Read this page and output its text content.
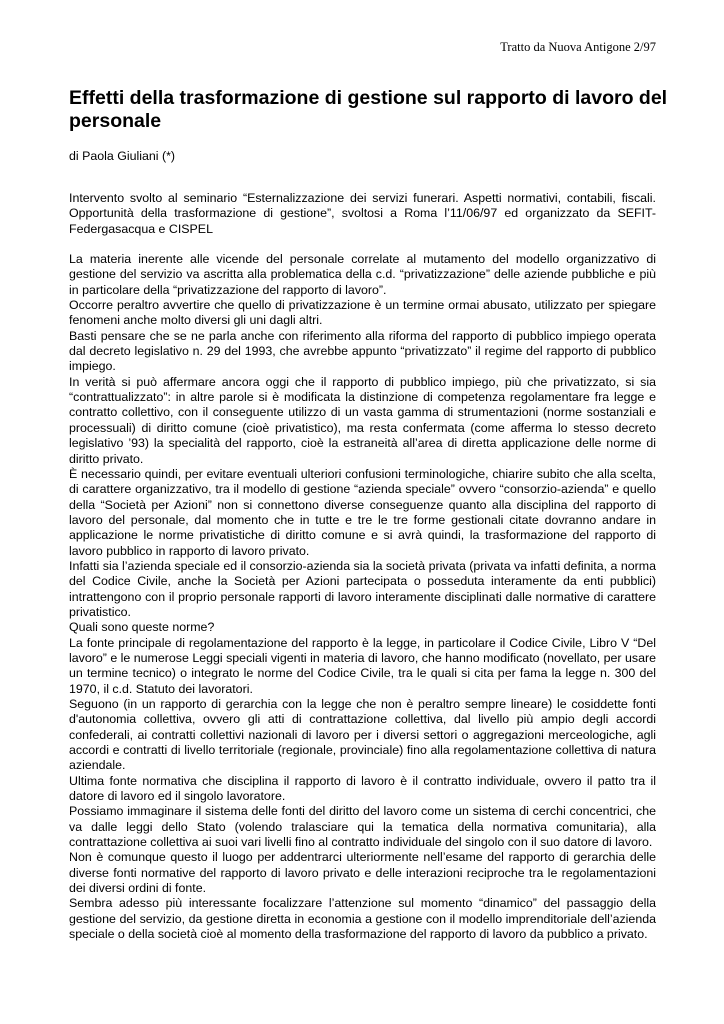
Tratto da Nuova Antigone 2/97
Effetti della trasformazione di gestione sul rapporto di lavoro del personale

di Paola Giuliani (*)

Intervento svolto al seminario “Esternalizzazione dei servizi funerari. Aspetti normativi, contabili, fiscali. Opportunità della trasformazione di gestione”, svoltosi a Roma l’11/06/97 ed organizzato da SEFIT-Federgasacqua e CISPEL

La materia inerente alle vicende del personale correlate al mutamento del modello organizzativo di gestione del servizio va ascritta alla problematica della c.d. “privatizzazione” delle aziende pubbliche e più in particolare della “privatizzazione del rapporto di lavoro”.

Occorre peraltro avvertire che quello di privatizzazione è un termine ormai abusato, utilizzato per spiegare fenomeni anche molto diversi gli uni dagli altri.

Basti pensare che se ne parla anche con riferimento alla riforma del rapporto di pubblico impiego operata dal decreto legislativo n. 29 del 1993, che avrebbe appunto “privatizzato” il regime del rapporto di pubblico impiego.

In verità si può affermare ancora oggi che il rapporto di pubblico impiego, più che privatizzato, si sia “contrattualizzato”: in altre parole si è modificata la distinzione di competenza regolamentare fra legge e contratto collettivo, con il conseguente utilizzo di un vasta gamma di strumentazioni (norme sostanziali e processuali) di diritto comune (cioè privatistico), ma resta confermata (come afferma lo stesso decreto legislativo ’93) la specialità del rapporto, cioè la estraneità all’area di diretta applicazione delle norme di diritto privato.

È necessario quindi, per evitare eventuali ulteriori confusioni terminologiche, chiarire subito che alla scelta, di carattere organizzativo, tra il modello di gestione “azienda speciale” ovvero “consorzio-azienda” e quello della “Società per Azioni” non si connettono diverse conseguenze quanto alla disciplina del rapporto di lavoro del personale, dal momento che in tutte e tre le tre forme gestionali citate dovranno andare in applicazione le norme privatistiche di diritto comune e si avrà quindi, la trasformazione del rapporto di lavoro pubblico in rapporto di lavoro privato.

Infatti sia l’azienda speciale ed il consorzio-azienda sia la società privata (privata va infatti definita, a norma del Codice Civile, anche la Società per Azioni partecipata o posseduta interamente da enti pubblici) intrattengono con il proprio personale rapporti di lavoro interamente disciplinati dalle normative di carattere privatistico.

Quali sono queste norme?

La fonte principale di regolamentazione del rapporto è la legge, in particolare il Codice Civile, Libro V “Del lavoro” e le numerose Leggi speciali vigenti in materia di lavoro, che hanno modificato (novellato, per usare un termine tecnico) o integrato le norme del Codice Civile, tra le quali si cita per fama la legge n. 300 del 1970, il c.d. Statuto dei lavoratori.

Seguono (in un rapporto di gerarchia con la legge che non è peraltro sempre lineare) le cosiddette fonti d'autonomia collettiva, ovvero gli atti di contrattazione collettiva, dal livello più ampio degli accordi confederali, ai contratti collettivi nazionali di lavoro per i diversi settori o aggregazioni merceologiche, agli accordi e contratti di livello territoriale (regionale, provinciale) fino alla regolamentazione collettiva di natura aziendale.

Ultima fonte normativa che disciplina il rapporto di lavoro è il contratto individuale, ovvero il patto tra il datore di lavoro ed il singolo lavoratore.

Possiamo immaginare il sistema delle fonti del diritto del lavoro come un sistema di cerchi concentrici, che va dalle leggi dello Stato (volendo tralasciare qui la tematica della normativa comunitaria), alla contrattazione collettiva ai suoi vari livelli fino al contratto individuale del singolo con il suo datore di lavoro.

Non è comunque questo il luogo per addentrarci ulteriormente nell’esame del rapporto di gerarchia delle diverse fonti normative del rapporto di lavoro privato e delle interazioni reciproche tra le regolamentazioni dei diversi ordini di fonte.

Sembra adesso più interessante focalizzare l’attenzione sul momento “dinamico” del passaggio della gestione del servizio, da gestione diretta in economia a gestione con il modello imprenditoriale dell’azienda speciale o della società cioè al momento della trasformazione del rapporto di lavoro da pubblico a privato.
